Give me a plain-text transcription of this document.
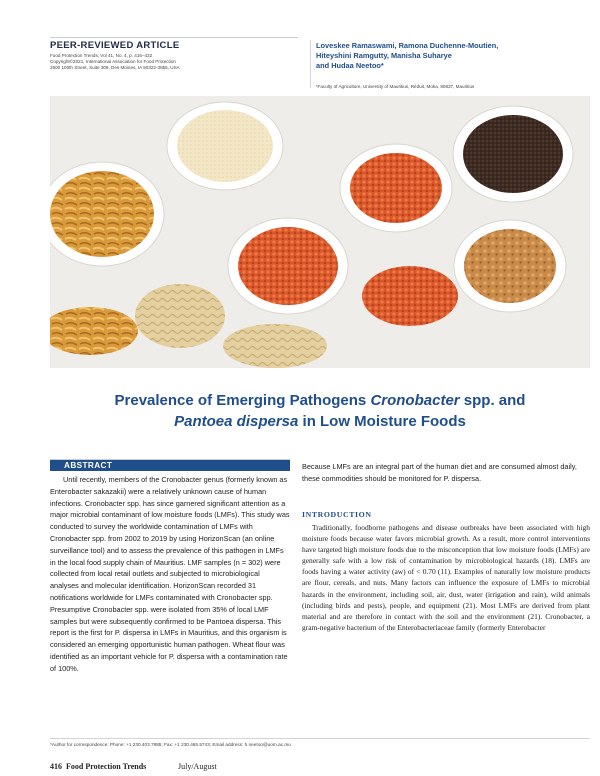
PEER-REVIEWED ARTICLE
Food Protection Trends, Vol 41, No. 4, p. 416–432
Copyright©2021, International Association for Food Protection
2900 100th Street, Suite 309, Des Moines, IA 50322-3855, USA
Loveskee Ramaswami, Ramona Duchenne-Moutien,
Hiteyshini Ramgutty, Manisha Suharye
and Hudaa Neetoo*
¹Faculty of Agriculture, University of Mauritius, Réduit, Moka, 80837, Mauritius
Prevalence of Emerging Pathogens Cronobacter spp. and
Pantoea dispersa in Low Moisture Foods
ABSTRACT
Until recently, members of the Cronobacter genus (formerly known as Enterobacter sakazakii) were a relatively unknown cause of human infections. Cronobacter spp. has since garnered significant attention as a major microbial contaminant of low moisture foods (LMFs). This study was conducted to survey the worldwide contamination of LMFs with Cronobacter spp. from 2002 to 2019 by using HorizonScan (an online surveillance tool) and to assess the prevalence of this pathogen in LMFs in the local food supply chain of Mauritius. LMF samples (n = 302) were collected from local retail outlets and subjected to microbiological analyses and molecular identification. HorizonScan recorded 31 notifications worldwide for LMFs contaminated with Cronobacter spp. Presumptive Cronobacter spp. were isolated from 35% of local LMF samples but were subsequently confirmed to be Pantoea dispersa. This report is the first for P. dispersa in LMFs in Mauritius, and this organism is considered an emerging opportunistic human pathogen. Wheat flour was identified as an important vehicle for P. dispersa with a contamination rate of 100%.
Because LMFs are an integral part of the human diet and are consumed almost daily, these commodities should be monitored for P. dispersa.
INTRODUCTION
Traditionally, foodborne pathogens and disease outbreaks have been associated with high moisture foods because water favors microbial growth. As a result, more control interventions have targeted high moisture foods due to the misconception that low moisture foods (LMFs) are generally safe with a low risk of contamination by microbiological hazards (18). LMFs are foods having a water activity (aw) of < 0.70 (11). Examples of naturally low moisture products are flour, cereals, and nuts. Many factors can influence the exposure of LMFs to microbial hazards in the environment, including soil, air, dust, water (irrigation and rain), wild animals (including birds and pests), people, and equipment (21). Most LMFs are derived from plant material and are therefore in contact with the soil and the environment (21). Cronobacter, a gram-negative bacterium of the Enterobacteriaceae family (formerly Enterobacter
*Author for correspondence: Phone: +1 230.403.7885; Fax: +1 230.465.5743; Email address: h.neetoo@uom.ac.mu
416 Food Protection Trends	July/August
